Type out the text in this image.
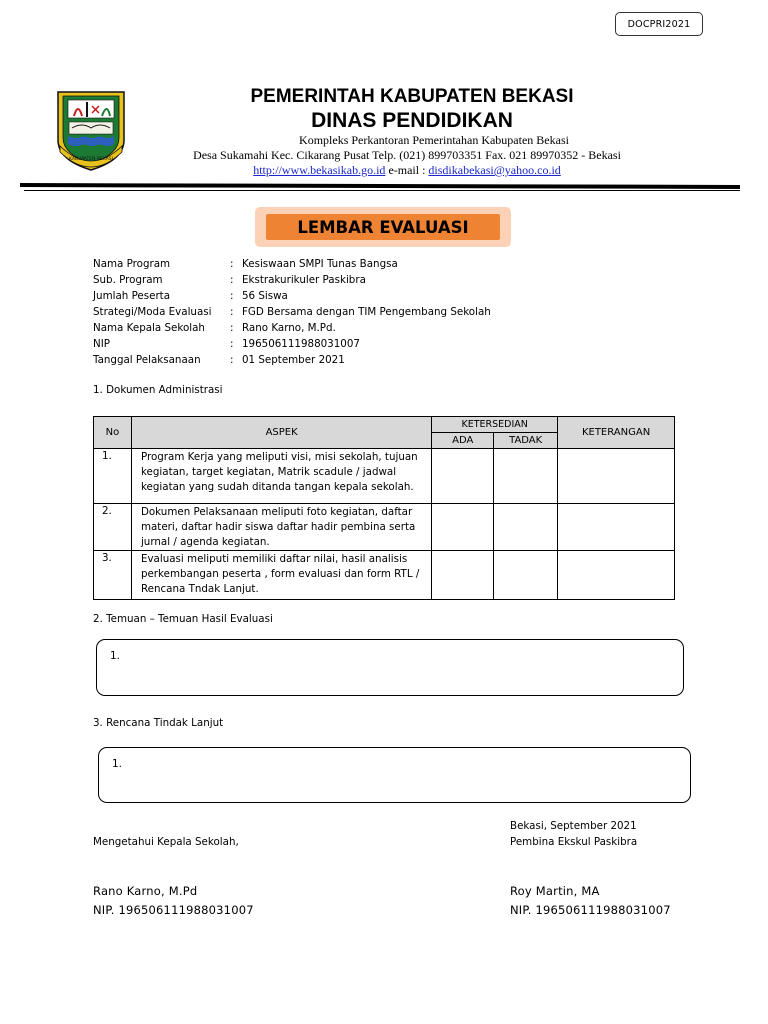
DOCPRI2021
KABUPATEN BEKASI
PEMERINTAH KABUPATEN BEKASI
DINAS PENDIDIKAN
Kompleks Perkantoran Pemerintahan Kabupaten Bekasi
Desa Sukamahi Kec. Cikarang Pusat Telp. (021) 899703351 Fax. 021 89970352 - Bekasi
http://www.bekasikab.go.id e-mail : disdikabekasi@yahoo.co.id
LEMBAR EVALUASI
Nama Program	: Kesiswaan SMPI Tunas Bangsa
Sub. Program	: Ekstrakurikuler Paskibra
Jumlah Peserta	: 56 Siswa
Strategi/Moda Evaluasi	: FGD Bersama dengan TIM Pengembang Sekolah
Nama Kepala Sekolah	: Rano Karno, M.Pd.
NIP	: 196506111988031007
Tanggal Pelaksanaan	: 01 September 2021
1. Dokumen Administrasi
No	ASPEK	KETERSEDIAN		KETERANGAN
		ADA	TADAK	
1.	Program Kerja yang meliputi visi, misi sekolah, tujuan kegiatan, target kegiatan, Matrik scadule / jadwal kegiatan yang sudah ditanda tangan kepala sekolah.			
2.	Dokumen Pelaksanaan meliputi foto kegiatan, daftar materi, daftar hadir siswa daftar hadir pembina serta jurnal / agenda kegiatan.			
3.	Evaluasi meliputi memiliki daftar nilai, hasil analisis perkembangan peserta , form evaluasi dan form RTL / Rencana Tndak Lanjut.			
2. Temuan – Temuan Hasil Evaluasi
1.
3. Rencana Tindak Lanjut
1.
Bekasi, September 2021
Mengetahui Kepala Sekolah,	Pembina Ekskul Paskibra
Rano Karno, M.Pd
NIP. 196506111988031007
Roy Martin, MA
NIP. 196506111988031007
